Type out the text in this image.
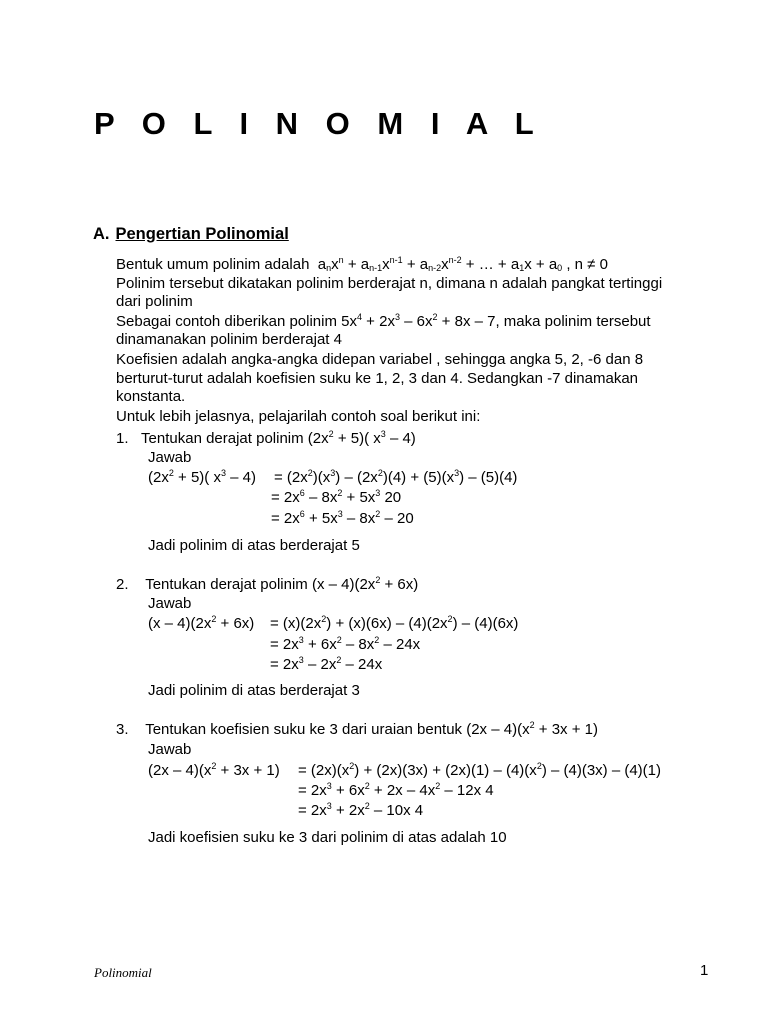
P O L I N O M I A L
A. Pengertian Polinomial
Bentuk umum polinim adalah $a_nx^n + a_{n-1}x^{n-1} + a_{n-2}x^{n-2}$ + … + $a_1x + a_0$ , n ≠ 0
Polinim tersebut dikatakan polinim berderajat n, dimana n adalah pangkat tertinggi
dari polinim
Sebagai contoh diberikan polinim $5x^4 + 2x^3 - 6x^2 + 8x - 7$, maka polinim tersebut
dinamanakan polinim berderajat 4
Koefisien adalah angka-angka didepan variabel , sehingga angka 5, 2, -6 dan 8
berturut-turut adalah koefisien suku ke 1, 2, 3 dan 4. Sedangkan -7 dinamakan
konstanta.
Untuk lebih jelasnya, pelajarilah contoh soal berikut ini:
1. Tentukan derajat polinim $(2x^2 + 5)$( $x^3 - 4$)
Jawab
$(2x^2 + 5)$( $x^3 - 4) = (2x^2)(x^3) - (2x^2)(4) + (5)(x^3) - (5)(4)$
= $2x^6 - 8x^2 + 5x^3$ 20
= $2x^6 + 5x^3 - 8x^2 - 20$
Jadi polinim di atas berderajat 5
2. Tentukan derajat polinim $(x - 4)(2x^2 + 6x)$
Jawab
$(x - 4)(2x^2 + 6x) = (x)(2x^2) + (x)(6x) - (4)(2x^2) - (4)(6x)$
= $2x^3 + 6x^2 - 8x^2 - 24x$
= $2x^3 - 2x^2 - 24x$
Jadi polinim di atas berderajat 3
3. Tentukan koefisien suku ke 3 dari uraian bentuk $(2x - 4)(x^2 + 3x + 1)$
Jawab
$(2x - 4)(x^2 + 3x + 1) = (2x)(x^2) + (2x)(3x) + (2x)(1) - (4)(x^2) - (4)(3x) - (4)(1)$
= $2x^3 + 6x^2 + 2x - 4x^2 - 12x$ 4
= $2x^3 + 2x^2 - 10x$ 4
Jadi koefisien suku ke 3 dari polinim di atas adalah 10
Polinomial	1
